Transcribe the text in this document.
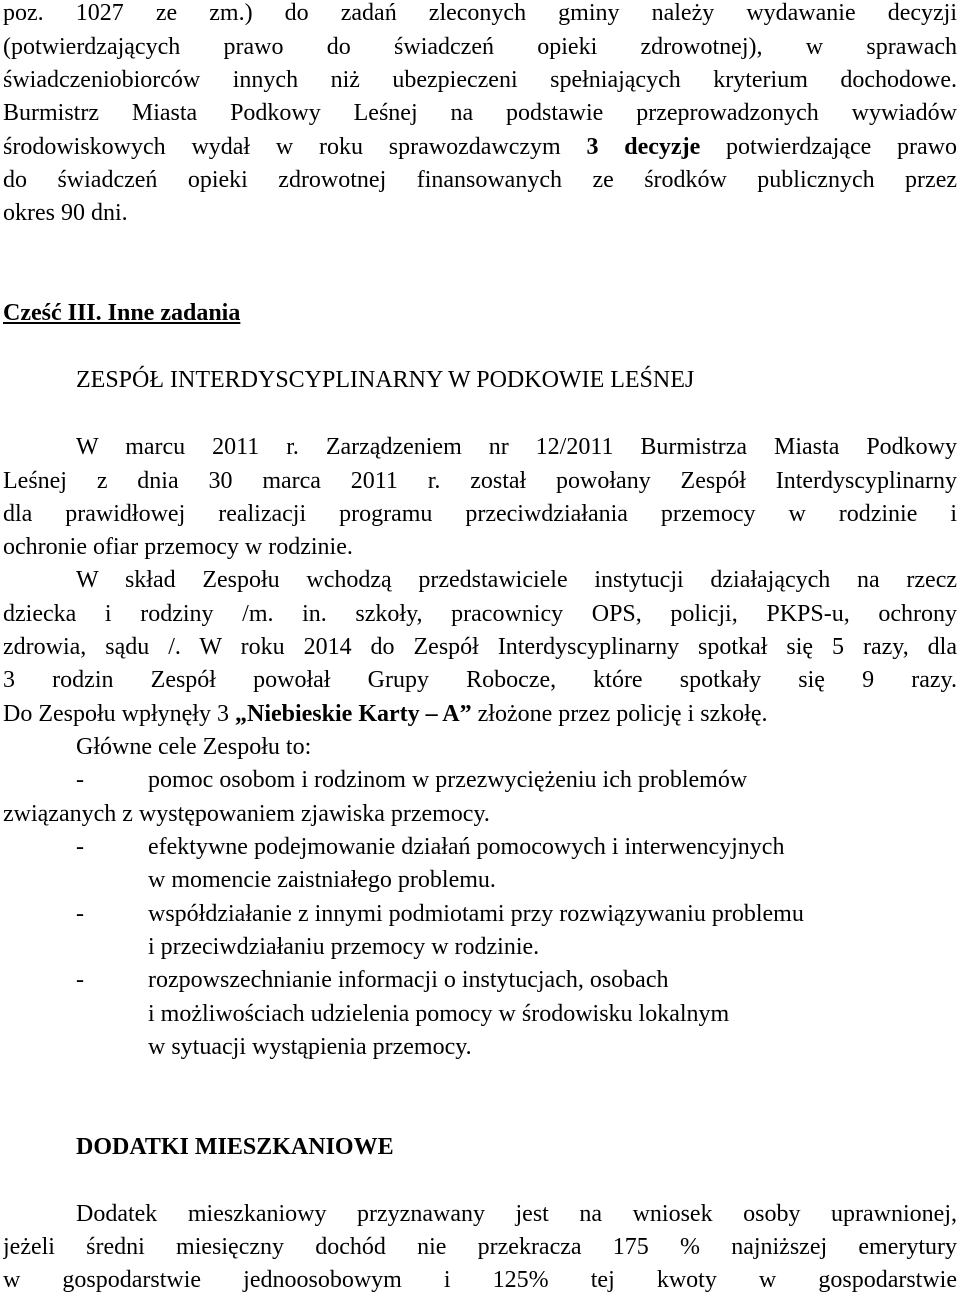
poz. 1027 ze zm.) do zadań zleconych gminy należy wydawanie decyzji
(potwierdzających prawo do świadczeń opieki zdrowotnej), w sprawach
świadczeniobiorców innych niż ubezpieczeni spełniających kryterium dochodowe.
Burmistrz Miasta Podkowy Leśnej na podstawie przeprowadzonych wywiadów
środowiskowych wydał w roku sprawozdawczym 3 decyzje potwierdzające prawo
do świadczeń opieki zdrowotnej finansowanych ze środków publicznych przez
okres 90 dni.
Cześć III. Inne zadania
ZESPÓŁ INTERDYSCYPLINARNY W PODKOWIE LEŚNEJ
W marcu 2011 r. Zarządzeniem nr 12/2011 Burmistrza Miasta Podkowy
Leśnej z dnia 30 marca 2011 r. został powołany Zespół Interdyscyplinarny
dla prawidłowej realizacji programu przeciwdziałania przemocy w rodzinie i
ochronie ofiar przemocy w rodzinie.
W skład Zespołu wchodzą przedstawiciele instytucji działających na rzecz
dziecka i rodziny /m. in. szkoły, pracownicy OPS, policji, PKPS-u, ochrony
zdrowia, sądu /. W roku 2014 do Zespół Interdyscyplinarny spotkał się 5 razy, dla
3 rodzin Zespół powołał Grupy Robocze, które spotkały się 9 razy.
Do Zespołu wpłynęły 3 „Niebieskie Karty – A” złożone przez policję i szkołę.
Główne cele Zespołu to:
-	pomoc osobom i rodzinom w przezwyciężeniu ich problemów
związanych z występowaniem zjawiska przemocy.
-	efektywne podejmowanie działań pomocowych i interwencyjnych
w momencie zaistniałego problemu.
-	współdziałanie z innymi podmiotami przy rozwiązywaniu problemu
i przeciwdziałaniu przemocy w rodzinie.
-	rozpowszechnianie informacji o instytucjach, osobach
i możliwościach udzielenia pomocy w środowisku lokalnym
w sytuacji wystąpienia przemocy.
DODATKI MIESZKANIOWE
Dodatek mieszkaniowy przyznawany jest na wniosek osoby uprawnionej,
jeżeli średni miesięczny dochód nie przekracza 175 % najniższej emerytury
w gospodarstwie jednoosobowym i 125% tej kwoty w gospodarstwie
